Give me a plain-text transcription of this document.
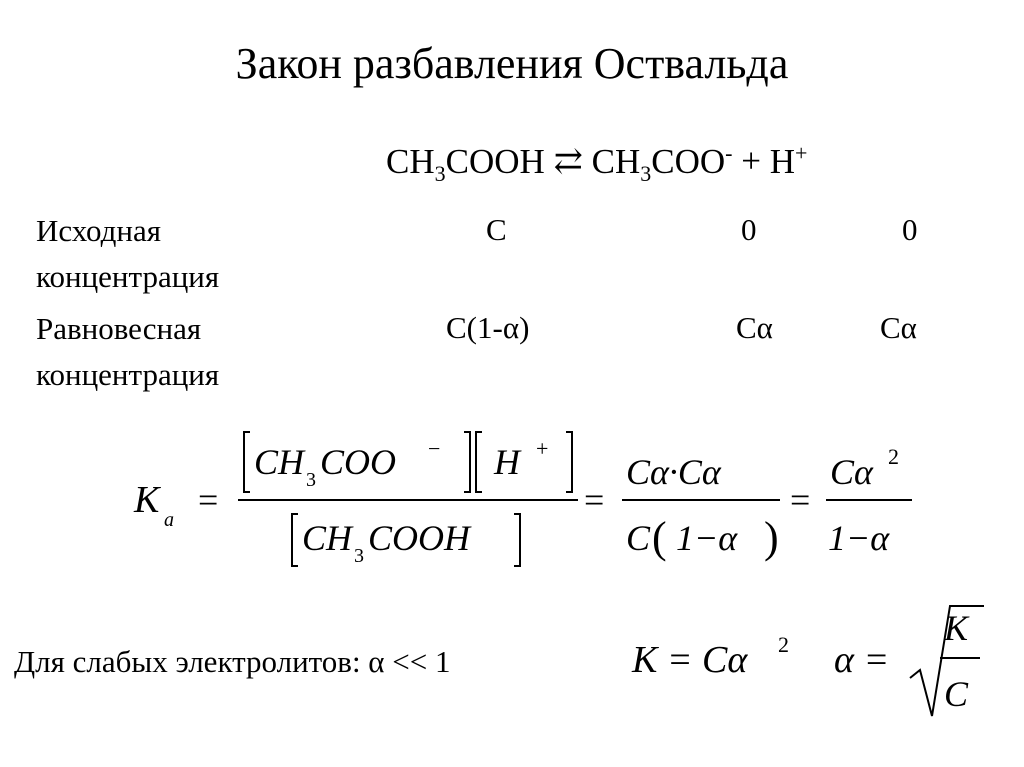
Закон разбавления Оствальда
$CH_3COOH$ ⇄ $CH_3COO^- + H^+$
Исходная
концентрация
C	0	0
Равновесная
концентрация
C(1-α)	Cα	Cα
K a =
CH 3 COO − H +
CH 3 COOH
=
Cα·Cα
C ( 1−α )
=
Cα 2
1−α
K = Cα 2 α =
K
C
Для слабых электролитов: α << 1
